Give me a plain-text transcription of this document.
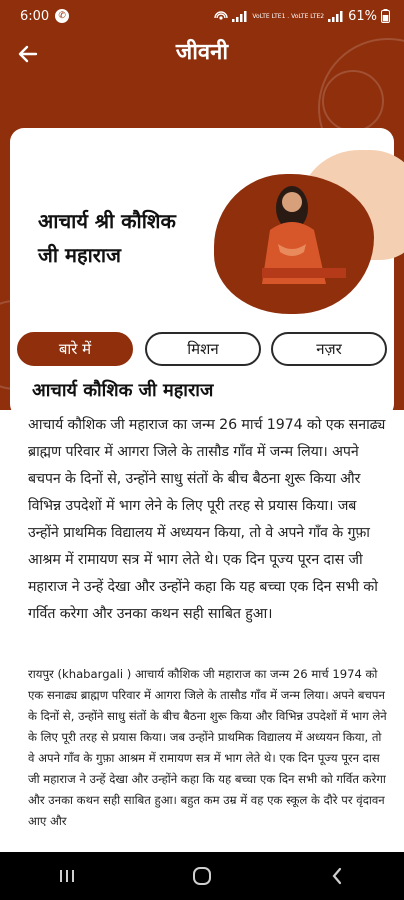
6:00	✆	VoLTE LTE1 . VoLTE LTE2 61%
जीवनी
आचार्य श्री कौशिक
जी महाराज
बारे में	मिशन	नज़र
आचार्य कौशिक जी महाराज
आचार्य कौशिक जी महाराज का जन्म 26 मार्च 1974 को एक सनाढ्य ब्राह्मण परिवार में आगरा जिले के तासौड गाँव में जन्म लिया। अपने बचपन के दिनों से, उन्होंने साधु संतों के बीच बैठना शुरू किया और विभिन्न उपदेशों में भाग लेने के लिए पूरी तरह से प्रयास किया। जब उन्होंने प्राथमिक विद्यालय में अध्ययन किया, तो वे अपने गाँव के गुफ़ा आश्रम में रामायण सत्र में भाग लेते थे। एक दिन पूज्य पूरन दास जी महाराज ने उन्हें देखा और उन्होंने कहा कि यह बच्चा एक दिन सभी को गर्वित करेगा और उनका कथन सही साबित हुआ।
रायपुर (khabargali ) आचार्य कौशिक जी महाराज का जन्म 26 मार्च 1974 को एक सनाढ्य ब्राह्मण परिवार में आगरा जिले के तासौड गाँव में जन्म लिया। अपने बचपन के दिनों से, उन्होंने साधु संतों के बीच बैठना शुरू किया और विभिन्न उपदेशों में भाग लेने के लिए पूरी तरह से प्रयास किया। जब उन्होंने प्राथमिक विद्यालय में अध्ययन किया, तो वे अपने गाँव के गुफ़ा आश्रम में रामायण सत्र में भाग लेते थे। एक दिन पूज्य पूरन दास जी महाराज ने उन्हें देखा और उन्होंने कहा कि यह बच्चा एक दिन सभी को गर्वित करेगा और उनका कथन सही साबित हुआ। बहुत कम उम्र में वह एक स्कूल के दौरे पर वृंदावन आए और
